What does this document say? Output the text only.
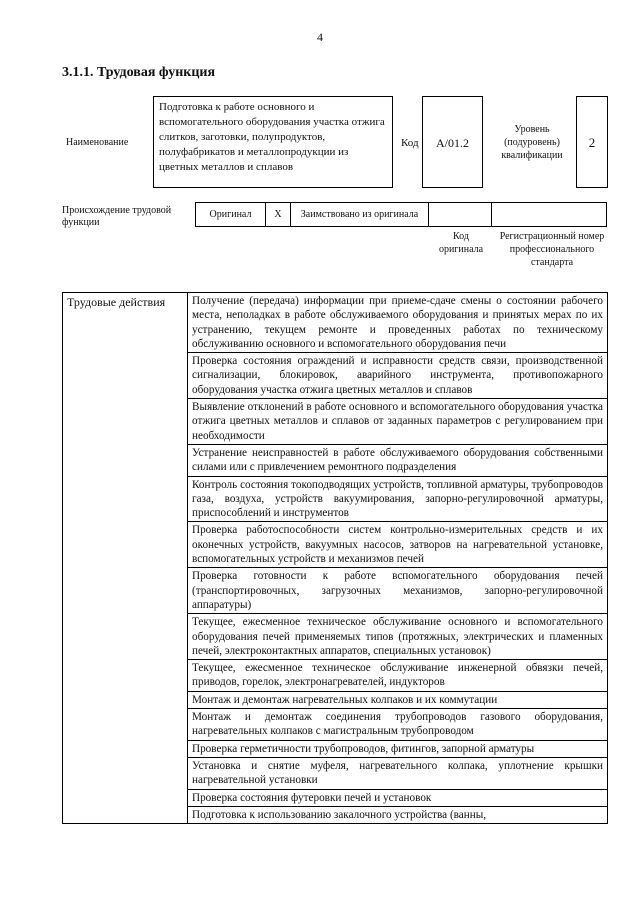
4
3.1.1. Трудовая функция
Наименование
Подготовка к работе основного и вспомогательного оборудования участка отжига слитков, заготовки, полупродуктов, полуфабрикатов и металлопродукции из цветных металлов и сплавов
Код	A/01.2
Уровень (подуровень) квалификации
2
Происхождение трудовой функции
Оригинал	X	Заимствовано из оригинала		
Код оригинала
Регистрационный номер профессионального стандарта
Трудовые действия	Получение (передача) информации при приеме-сдаче смены о состоянии рабочего места, неполадках в работе обслуживаемого оборудования и принятых мерах по их устранению, текущем ремонте и проведенных работах по техническому обслуживанию основного и вспомогательного оборудования печи
Проверка состояния ограждений и исправности средств связи, производственной сигнализации, блокировок, аварийного инструмента, противопожарного оборудования участка отжига цветных металлов и сплавов
Выявление отклонений в работе основного и вспомогательного оборудования участка отжига цветных металлов и сплавов от заданных параметров с регулированием при необходимости
Устранение неисправностей в работе обслуживаемого оборудования собственными силами или с привлечением ремонтного подразделения
Контроль состояния токоподводящих устройств, топливной арматуры, трубопроводов газа, воздуха, устройств вакуумирования, запорно-регулировочной арматуры, приспособлений и инструментов
Проверка работоспособности систем контрольно-измерительных средств и их оконечных устройств, вакуумных насосов, затворов на нагревательной установке, вспомогательных устройств и механизмов печей
Проверка готовности к работе вспомогательного оборудования печей (транспортировочных, загрузочных механизмов, запорно-регулировочной аппаратуры)
Текущее, ежесменное техническое обслуживание основного и вспомогательного оборудования печей применяемых типов (протяжных, электрических и пламенных печей, электроконтактных аппаратов, специальных установок)
Текущее, ежесменное техническое обслуживание инженерной обвязки печей, приводов, горелок, электронагревателей, индукторов
Монтаж и демонтаж нагревательных колпаков и их коммутации
Монтаж и демонтаж соединения трубопроводов газового оборудования, нагревательных колпаков с магистральным трубопроводом
Проверка герметичности трубопроводов, фитингов, запорной арматуры
Установка и снятие муфеля, нагревательного колпака, уплотнение крышки нагревательной установки
Проверка состояния футеровки печей и установок
Подготовка к использованию закалочного устройства (ванны,
